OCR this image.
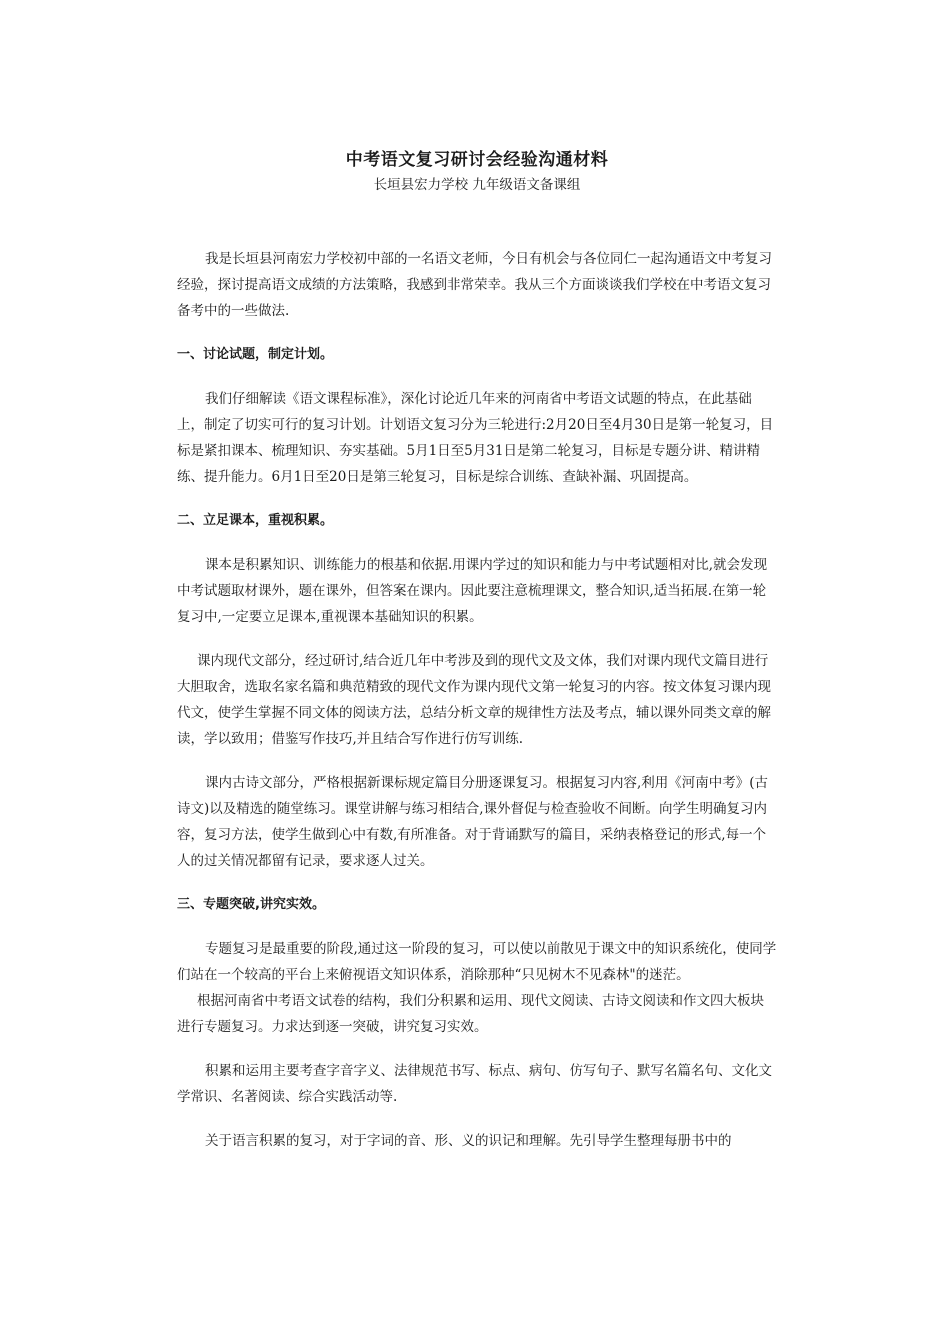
中考语文复习研讨会经验沟通材料

长垣县宏力学校 九年级语文备课组

我是长垣县河南宏力学校初中部的一名语文老师，今日有机会与各位同仁一起沟通语文中考复习经验，探讨提高语文成绩的方法策略，我感到非常荣幸。我从三个方面谈谈我们学校在中考语文复习备考中的一些做法.

一、讨论试题，制定计划。

我们仔细解读《语文课程标准》，深化讨论近几年来的河南省中考语文试题的特点，在此基础上，制定了切实可行的复习计划。计划语文复习分为三轮进行:2月20日至4月30日是第一轮复习，目标是紧扣课本、梳理知识、夯实基础。5月1日至5月31日是第二轮复习，目标是专题分讲、精讲精练、提升能力。6月1日至20日是第三轮复习，目标是综合训练、查缺补漏、巩固提高。

二、立足课本，重视积累。

课本是积累知识、训练能力的根基和依据.用课内学过的知识和能力与中考试题相对比,就会发现中考试题取材课外，题在课外，但答案在课内。因此要注意梳理课文，整合知识,适当拓展.在第一轮复习中,一定要立足课本,重视课本基础知识的积累。

课内现代文部分，经过研讨,结合近几年中考涉及到的现代文及文体，我们对课内现代文篇目进行大胆取舍，选取名家名篇和典范精致的现代文作为课内现代文第一轮复习的内容。按文体复习课内现代文，使学生掌握不同文体的阅读方法，总结分析文章的规律性方法及考点，辅以课外同类文章的解读，学以致用；借鉴写作技巧,并且结合写作进行仿写训练.

课内古诗文部分，严格根据新课标规定篇目分册逐课复习。根据复习内容,利用《河南中考》(古诗文)以及精选的随堂练习。课堂讲解与练习相结合,课外督促与检查验收不间断。向学生明确复习内容，复习方法，使学生做到心中有数,有所准备。对于背诵默写的篇目，采纳表格登记的形式,每一个人的过关情况都留有记录，要求逐人过关。

三、专题突破,讲究实效。

专题复习是最重要的阶段,通过这一阶段的复习，可以使以前散见于课文中的知识系统化，使同学们站在一个较高的平台上来俯视语文知识体系，消除那种“只见树木不见森林"的迷茫。

根据河南省中考语文试卷的结构，我们分积累和运用、现代文阅读、古诗文阅读和作文四大板块进行专题复习。力求达到逐一突破，讲究复习实效。

积累和运用主要考查字音字义、法律规范书写、标点、病句、仿写句子、默写名篇名句、文化文学常识、名著阅读、综合实践活动等.

关于语言积累的复习，对于字词的音、形、义的识记和理解。先引导学生整理每册书中的
